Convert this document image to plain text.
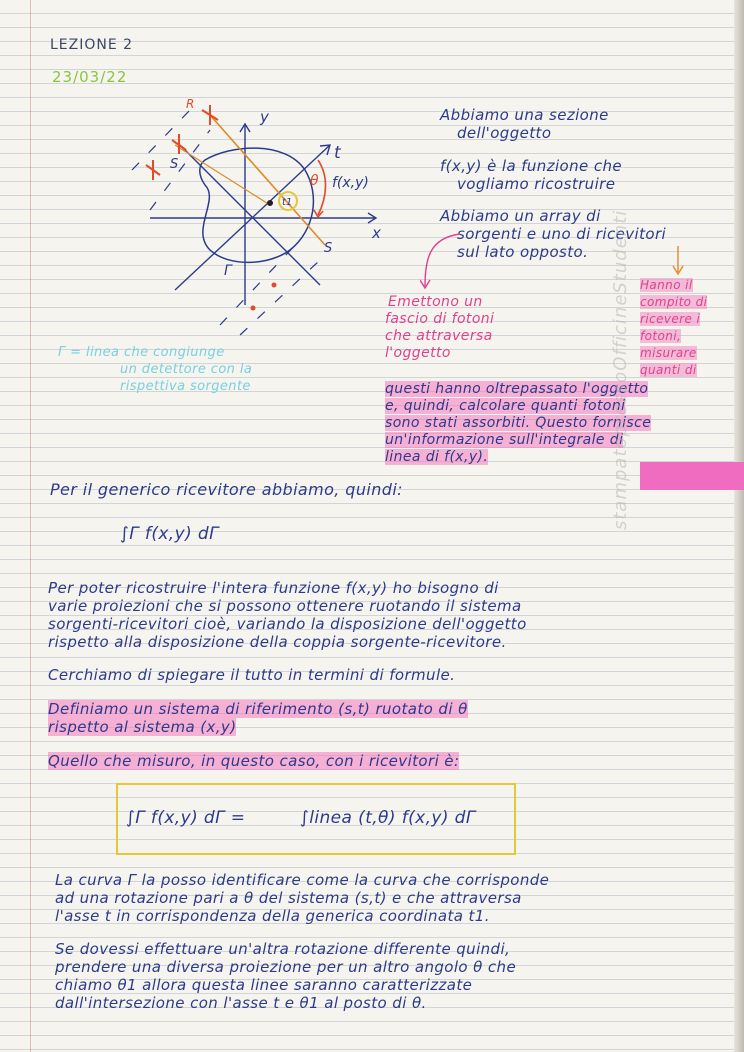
LEZIONE 2
23/03/22
y
x
t
θ f(x,y)
t1
R
S
S
Γ
Abbiamo una sezione
dell'oggetto
f(x,y) è la funzione che
vogliamo ricostruire
Abbiamo un array di
sorgenti e uno di ricevitori
sul lato opposto.
Emettono un
fascio di fotoni
che attraversa
l'oggetto
Hanno il
compito di
ricevere i
fotoni,
misurare
quanti di
Γ = linea che congiunge
un detettore con la
rispettiva sorgente	questi hanno oltrepassato l'oggetto
e, quindi, calcolare quanti fotoni
sono stati assorbiti. Questo fornisce
un'informazione sull'integrale di
linea di f(x,y).
Per il generico ricevitore abbiamo, quindi:
∫Γ f(x,y) dΓ
Per poter ricostruire l'intera funzione f(x,y) ho bisogno di
varie proiezioni che si possono ottenere ruotando il sistema
sorgenti-ricevitori cioè, variando la disposizione dell'oggetto
rispetto alla disposizione della coppia sorgente-ricevitore.
Cerchiamo di spiegare il tutto in termini di formule.
Definiamo un sistema di riferimento (s,t) ruotato di θ
rispetto al sistema (x,y)
Quello che misuro, in questo caso, con i ricevitori è:
∫Γ f(x,y) dΓ =	∫linea (t,θ) f(x,y) dΓ
La curva Γ la posso identificare come la curva che corrisponde
ad una rotazione pari a θ del sistema (s,t) e che attraversa
l'asse t in corrispondenza della generica coordinata t1.
Se dovessi effettuare un'altra rotazione differente quindi,
prendere una diversa proiezione per un altro angolo θ che
chiamo θ1 allora questa linee saranno caratterizzate
dall'intersezione con l'asse t e θ1 al posto di θ.
stampatopressoOfficineStudenti
